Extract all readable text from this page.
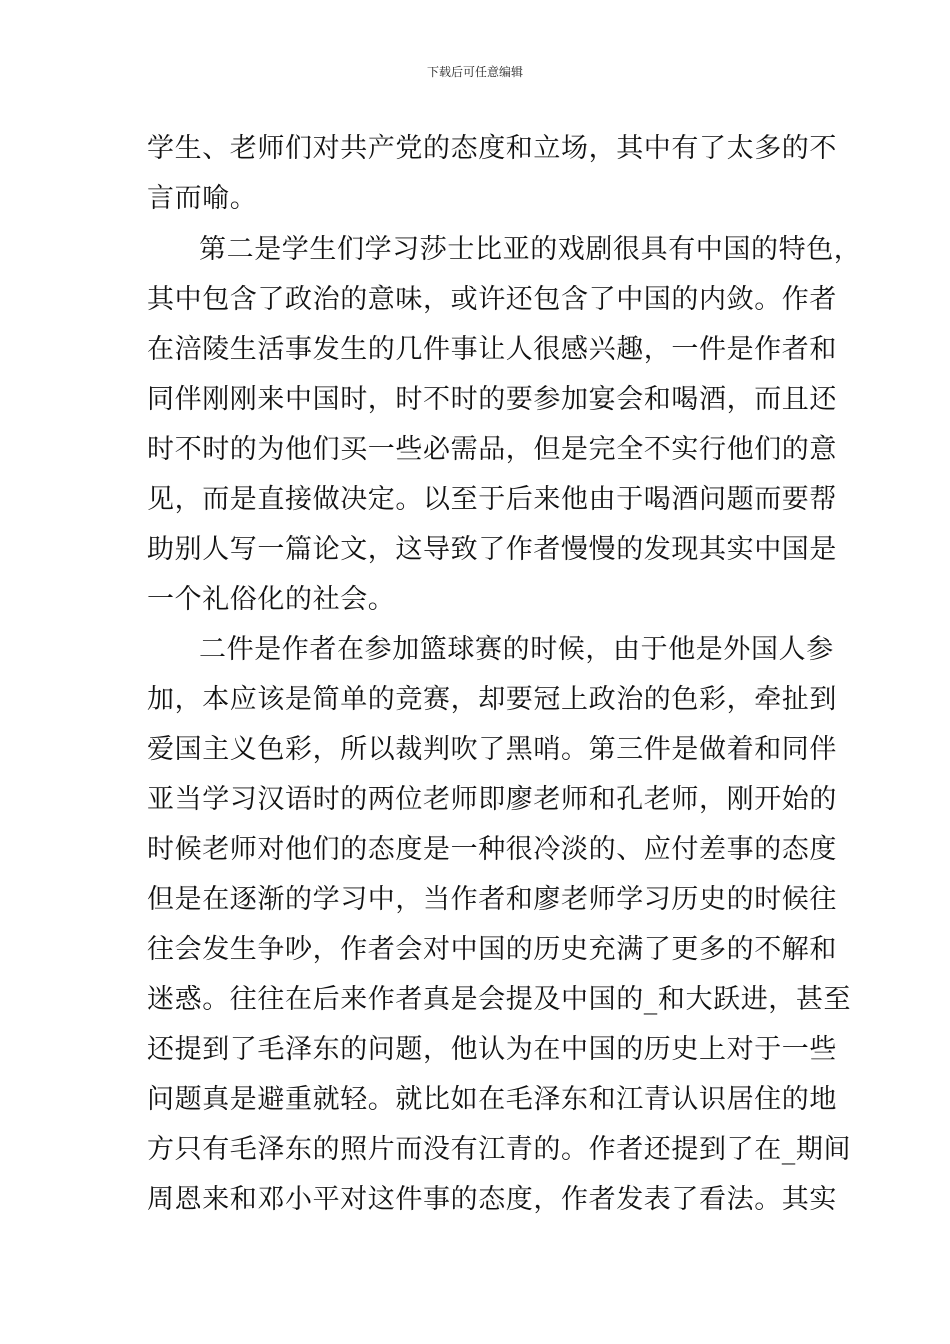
下载后可任意编辑
学生、老师们对共产党的态度和立场，其中有了太多的不
言而喻。
第二是学生们学习莎士比亚的戏剧很具有中国的特色，
其中包含了政治的意味，或许还包含了中国的内敛。作者
在涪陵生活事发生的几件事让人很感兴趣，一件是作者和
同伴刚刚来中国时，时不时的要参加宴会和喝酒，而且还
时不时的为他们买一些必需品，但是完全不实行他们的意
见，而是直接做决定。以至于后来他由于喝酒问题而要帮
助别人写一篇论文，这导致了作者慢慢的发现其实中国是
一个礼俗化的社会。
二件是作者在参加篮球赛的时候，由于他是外国人参
加，本应该是简单的竞赛，却要冠上政治的色彩，牵扯到
爱国主义色彩，所以裁判吹了黑哨。第三件是做着和同伴
亚当学习汉语时的两位老师即廖老师和孔老师，刚开始的
时候老师对他们的态度是一种很冷淡的、应付差事的态度
但是在逐渐的学习中，当作者和廖老师学习历史的时候往
往会发生争吵，作者会对中国的历史充满了更多的不解和
迷惑。往往在后来作者真是会提及中国的_和大跃进，甚至
还提到了毛泽东的问题，他认为在中国的历史上对于一些
问题真是避重就轻。就比如在毛泽东和江青认识居住的地
方只有毛泽东的照片而没有江青的。作者还提到了在_期间
周恩来和邓小平对这件事的态度，作者发表了看法。其实
